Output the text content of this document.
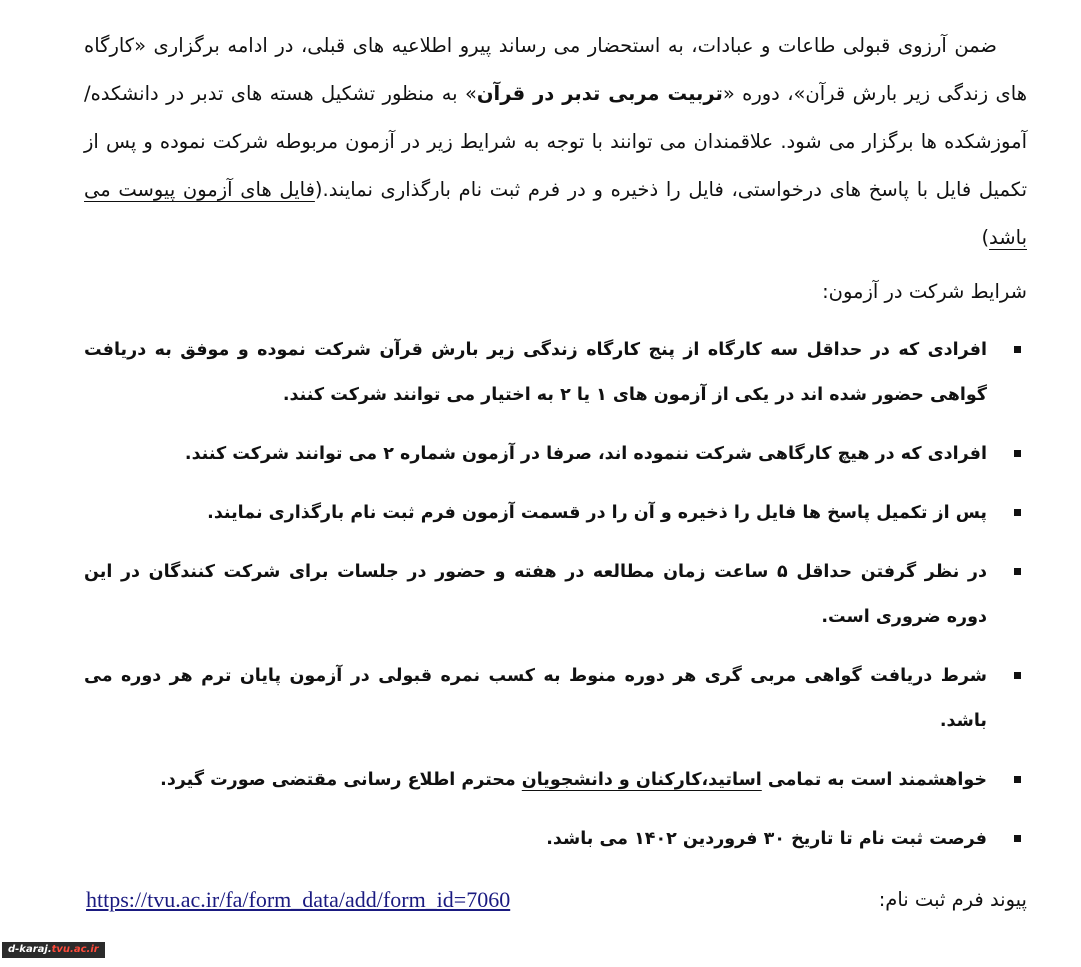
ضمن آرزوی قبولی طاعات و عبادات، به استحضار می رساند پیرو اطلاعیه های قبلی، در ادامه برگزاری «کارگاه های زندگی زیر بارش قرآن»، دوره «تربیت مربی تدبر در قرآن» به منظور تشکیل هسته های تدبر در دانشکده/آموزشکده ها برگزار می شود. علاقمندان می توانند با توجه به شرایط زیر در آزمون مربوطه شرکت نموده و پس از تکمیل فایل با پاسخ های درخواستی، فایل را ذخیره و در فرم ثبت نام بارگذاری نمایند.(فایل های آزمون پیوست می باشد)

شرایط شرکت در آزمون:

افرادی که در حداقل سه کارگاه از پنج کارگاه زندگی زیر بارش قرآن شرکت نموده و موفق به دریافت گواهی حضور شده اند در یکی از آزمون های ۱ یا ۲ به اختیار می توانند شرکت کنند.
افرادی که در هیچ کارگاهی شرکت ننموده اند، صرفا در آزمون شماره ۲ می توانند شرکت کنند.
پس از تکمیل پاسخ ها فایل را ذخیره و آن را در قسمت آزمون فرم ثبت نام بارگذاری نمایند.
در نظر گرفتن حداقل ۵ ساعت زمان مطالعه در هفته و حضور در جلسات برای شرکت کنندگان در این دوره ضروری است.
شرط دریافت گواهی مربی گری هر دوره منوط به کسب نمره قبولی در آزمون پایان ترم هر دوره می باشد.
خواهشمند است به تمامی اساتید،کارکنان و دانشجویان محترم اطلاع رسانی مقتضی صورت گیرد.
فرصت ثبت نام تا تاریخ ۳۰ فروردین ۱۴۰۲ می باشد.
پیوند فرم ثبت نام:
https://tvu.ac.ir/fa/form_data/add/form_id=7060
d-karaj.tvu.ac.ir
